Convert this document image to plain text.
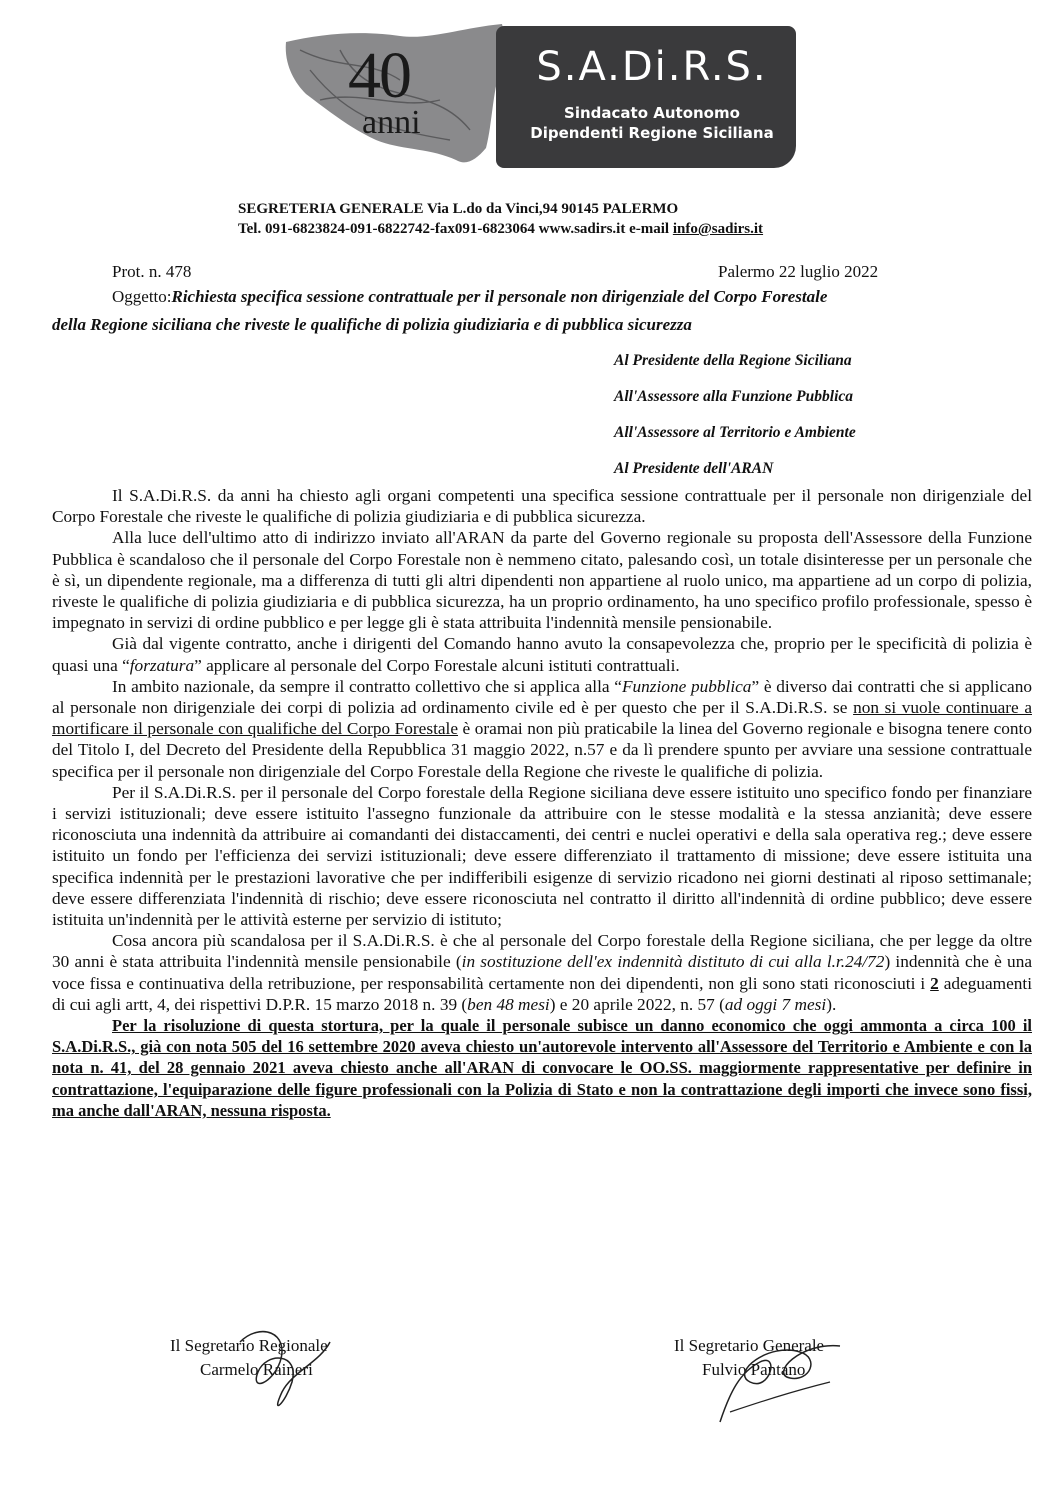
40
anni
S.A.Di.R.S.
Sindacato Autonomo
Dipendenti Regione Siciliana
SEGRETERIA GENERALE Via L.do da Vinci,94 90145 PALERMO
Tel. 091-6823824-091-6822742-fax091-6823064 www.sadirs.it e-mail info@sadirs.it
Prot. n. 478	Palermo 22 luglio 2022
Oggetto:Richiesta specifica sessione contrattuale per il personale non dirigenziale del Corpo Forestale
della Regione siciliana che riveste le qualifiche di polizia giudiziaria e di pubblica sicurezza
Al Presidente della Regione Siciliana
All'Assessore alla Funzione Pubblica
All'Assessore al Territorio e Ambiente
Al Presidente dell'ARAN

Il S.A.Di.R.S. da anni ha chiesto agli organi competenti una specifica sessione contrattuale per il personale non dirigenziale del Corpo Forestale che riveste le qualifiche di polizia giudiziaria e di pubblica sicurezza.

Alla luce dell'ultimo atto di indirizzo inviato all'ARAN da parte del Governo regionale su proposta dell'Assessore della Funzione Pubblica è scandaloso che il personale del Corpo Forestale non è nemmeno citato, palesando così, un totale disinteresse per un personale che è sì, un dipendente regionale, ma a differenza di tutti gli altri dipendenti non appartiene al ruolo unico, ma appartiene ad un corpo di polizia, riveste le qualifiche di polizia giudiziaria e di pubblica sicurezza, ha un proprio ordinamento, ha uno specifico profilo professionale, spesso è impegnato in servizi di ordine pubblico e per legge gli è stata attribuita l'indennità mensile pensionabile.

Già dal vigente contratto, anche i dirigenti del Comando hanno avuto la consapevolezza che, proprio per le specificità di polizia è quasi una “forzatura” applicare al personale del Corpo Forestale alcuni istituti contrattuali.

In ambito nazionale, da sempre il contratto collettivo che si applica alla “Funzione pubblica” è diverso dai contratti che si applicano al personale non dirigenziale dei corpi di polizia ad ordinamento civile ed è per questo che per il S.A.Di.R.S. se non si vuole continuare a mortificare il personale con qualifiche del Corpo Forestale è oramai non più praticabile la linea del Governo regionale e bisogna tenere conto del Titolo I, del Decreto del Presidente della Repubblica 31 maggio 2022, n.57 e da lì prendere spunto per avviare una sessione contrattuale specifica per il personale non dirigenziale del Corpo Forestale della Regione che riveste le qualifiche di polizia.

Per il S.A.Di.R.S. per il personale del Corpo forestale della Regione siciliana deve essere istituito uno specifico fondo per finanziare i servizi istituzionali; deve essere istituito l'assegno funzionale da attribuire con le stesse modalità e la stessa anzianità; deve essere riconosciuta una indennità da attribuire ai comandanti dei distaccamenti, dei centri e nuclei operativi e della sala operativa reg.; deve essere istituito un fondo per l'efficienza dei servizi istituzionali; deve essere differenziato il trattamento di missione; deve essere istituita una specifica indennità per le prestazioni lavorative che per indifferibili esigenze di servizio ricadono nei giorni destinati al riposo settimanale; deve essere differenziata l'indennità di rischio; deve essere riconosciuta nel contratto il diritto all'indennità di ordine pubblico; deve essere istituita un'indennità per le attività esterne per servizio di istituto;

Cosa ancora più scandalosa per il S.A.Di.R.S. è che al personale del Corpo forestale della Regione siciliana, che per legge da oltre 30 anni è stata attribuita l'indennità mensile pensionabile (in sostituzione dell'ex indennità distituto di cui alla l.r.24/72) indennità che è una voce fissa e continuativa della retribuzione, per responsabilità certamente non dei dipendenti, non gli sono stati riconosciuti i 2 adeguamenti di cui agli artt, 4, dei rispettivi D.P.R. 15 marzo 2018 n. 39 (ben 48 mesi) e 20 aprile 2022, n. 57 (ad oggi 7 mesi).

Per la risoluzione di questa stortura, per la quale il personale subisce un danno economico che oggi ammonta a circa 100 il S.A.Di.R.S., già con nota 505 del 16 settembre 2020 aveva chiesto un'autorevole intervento all'Assessore del Territorio e Ambiente e con la nota n. 41, del 28 gennaio 2021 aveva chiesto anche all'ARAN di convocare le OO.SS. maggiormente rappresentative per definire in contrattazione, l'equiparazione delle figure professionali con la Polizia di Stato e non la contrattazione degli importi che invece sono fissi, ma anche dall'ARAN, nessuna risposta.

Il Segretario Regionale
Carmelo Raineri
Il Segretario Generale
Fulvio Pantano
